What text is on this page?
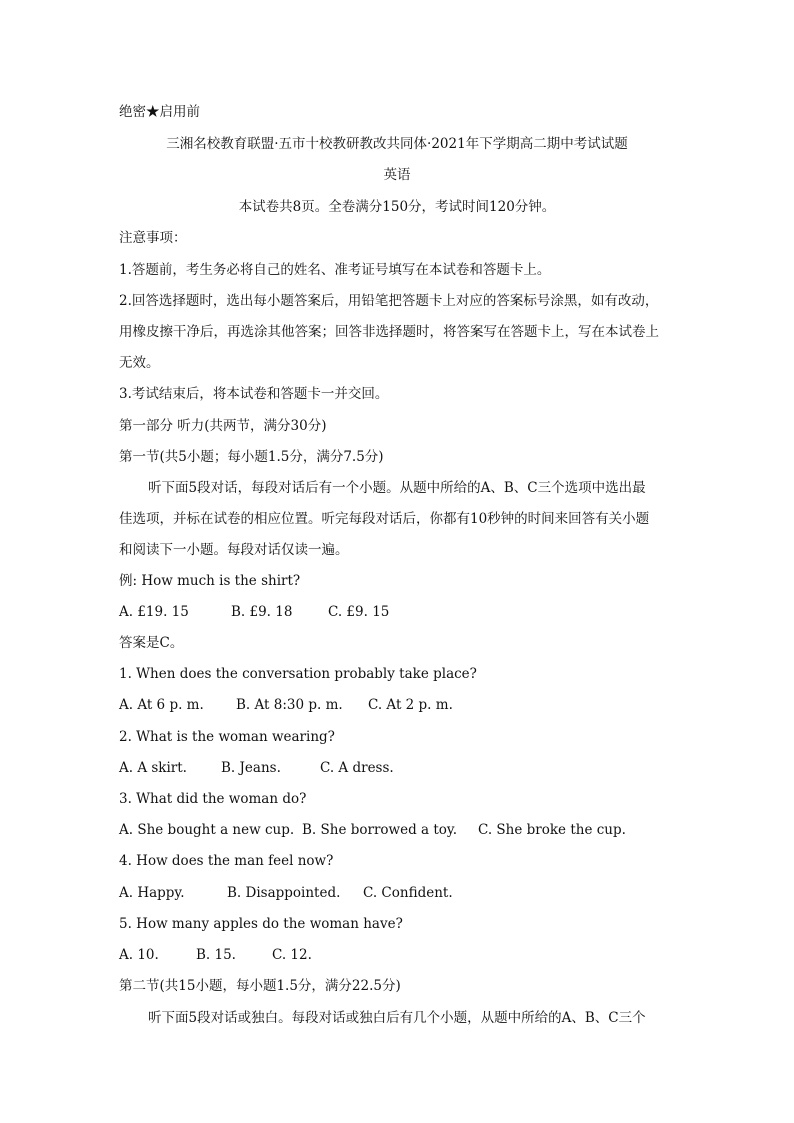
绝密★启用前
三湘名校教育联盟·五市十校教研教改共同体·2021年下学期高二期中考试试题
英语
本试卷共8页。全卷满分150分，考试时间120分钟。
注意事项：
1.答题前，考生务必将自己的姓名、准考证号填写在本试卷和答题卡上。
2.回答选择题时，选出每小题答案后，用铅笔把答题卡上对应的答案标号涂黑，如有改动，
用橡皮擦干净后，再选涂其他答案；回答非选择题时，将答案写在答题卡上，写在本试卷上
无效。
3.考试结束后，将本试卷和答题卡一并交回。
第一部分 听力(共两节，满分30分)
第一节(共5小题；每小题1.5分，满分7.5分)
听下面5段对话，每段对话后有一个小题。从题中所给的A、B、C三个选项中选出最
佳选项，并标在试卷的相应位置。听完每段对话后，你都有10秒钟的时间来回答有关小题
和阅读下一小题。每段对话仅读一遍。
例: How much is the shirt?
A. £19. 15	B. £9. 18	C. £9. 15
答案是C。
1. When does the conversation probably take place?
A. At 6 p. m. B. At 8:30 p. m. C. At 2 p. m.
2. What is the woman wearing?
A. A skirt.	B. Jeans.	C. A dress.
3. What did the woman do?
A. She bought a new cup. B. She borrowed a toy. C. She broke the cup.
4. How does the man feel now?
A. Happy.	B. Disappointed. C. Confident.
5. How many apples do the woman have?
A. 10.	B. 15.	C. 12.
第二节(共15小题，每小题1.5分，满分22.5分)
听下面5段对话或独白。每段对话或独白后有几个小题，从题中所给的A、B、C三个
